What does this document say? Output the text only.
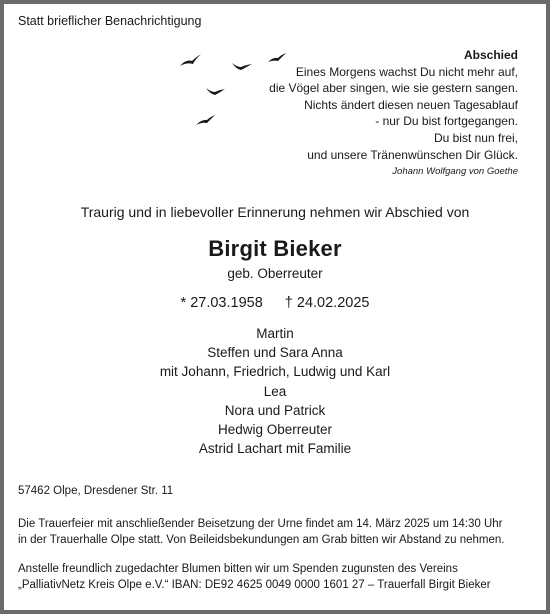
Statt brieflicher Benachrichtigung
Abschied
Eines Morgens wachst Du nicht mehr auf,
die Vögel aber singen, wie sie gestern sangen.
Nichts ändert diesen neuen Tagesablauf
- nur Du bist fortgegangen.
Du bist nun frei,
und unsere Tränenwünschen Dir Glück.
Johann Wolfgang von Goethe
Traurig und in liebevoller Erinnerung nehmen wir Abschied von
Birgit Bieker
geb. Oberreuter
* 27.03.1958 † 24.02.2025
Martin
Steffen und Sara Anna
mit Johann, Friedrich, Ludwig und Karl
Lea
Nora und Patrick
Hedwig Oberreuter
Astrid Lachart mit Familie
57462 Olpe, Dresdener Str. 11
Die Trauerfeier mit anschließender Beisetzung der Urne findet am 14. März 2025 um 14:30 Uhr
in der Trauerhalle Olpe statt. Von Beileidsbekundungen am Grab bitten wir Abstand zu nehmen.
Anstelle freundlich zugedachter Blumen bitten wir um Spenden zugunsten des Vereins
„PalliativNetz Kreis Olpe e.V.“ IBAN: DE92 4625 0049 0000 1601 27 – Trauerfall Birgit Bieker
